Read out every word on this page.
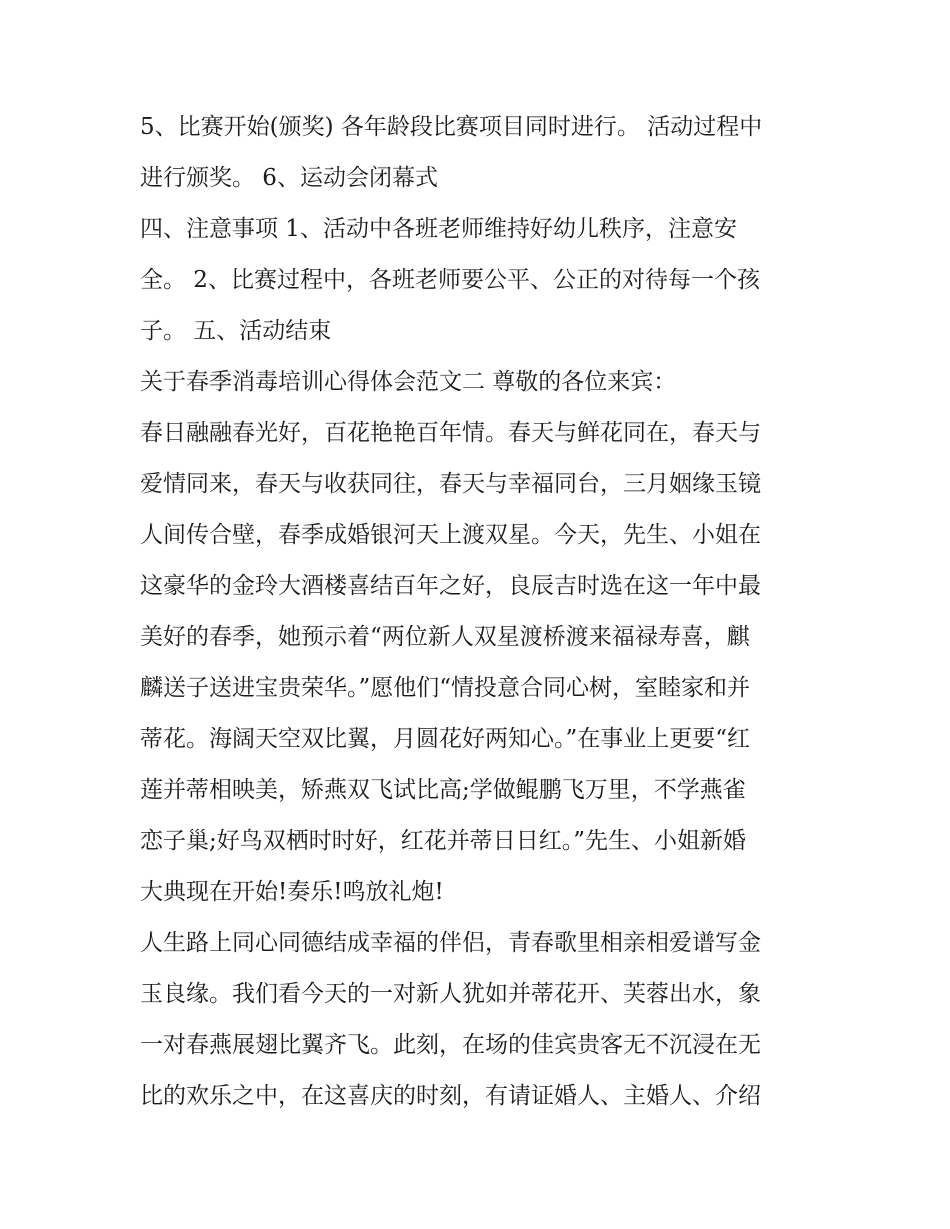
5、比赛开始(颁奖) 各年龄段比赛项目同时进行。 活动过程中
进行颁奖。 6、运动会闭幕式
四、注意事项 1、活动中各班老师维持好幼儿秩序，注意安
全。 2、比赛过程中，各班老师要公平、公正的对待每一个孩
子。 五、活动结束
关于春季消毒培训心得体会范文二 尊敬的各位来宾：
春日融融春光好，百花艳艳百年情。春天与鲜花同在，春天与
爱情同来，春天与收获同往，春天与幸福同台，三月姻缘玉镜
人间传合壁，春季成婚银河天上渡双星。今天，先生、小姐在
这豪华的金玲大酒楼喜结百年之好，良辰吉时选在这一年中最
美好的春季，她预示着“两位新人双星渡桥渡来福禄寿喜，麒
麟送子送进宝贵荣华。”愿他们“情投意合同心树，室睦家和并
蒂花。海阔天空双比翼，月圆花好两知心。”在事业上更要“红
莲并蒂相映美，矫燕双飞试比高;学做鲲鹏飞万里，不学燕雀
恋子巢;好鸟双栖时时好，红花并蒂日日红。”先生、小姐新婚
大典现在开始!奏乐!鸣放礼炮!
人生路上同心同德结成幸福的伴侣，青春歌里相亲相爱谱写金
玉良缘。我们看今天的一对新人犹如并蒂花开、芙蓉出水，象
一对春燕展翅比翼齐飞。此刻，在场的佳宾贵客无不沉浸在无
比的欢乐之中，在这喜庆的时刻，有请证婚人、主婚人、介绍
